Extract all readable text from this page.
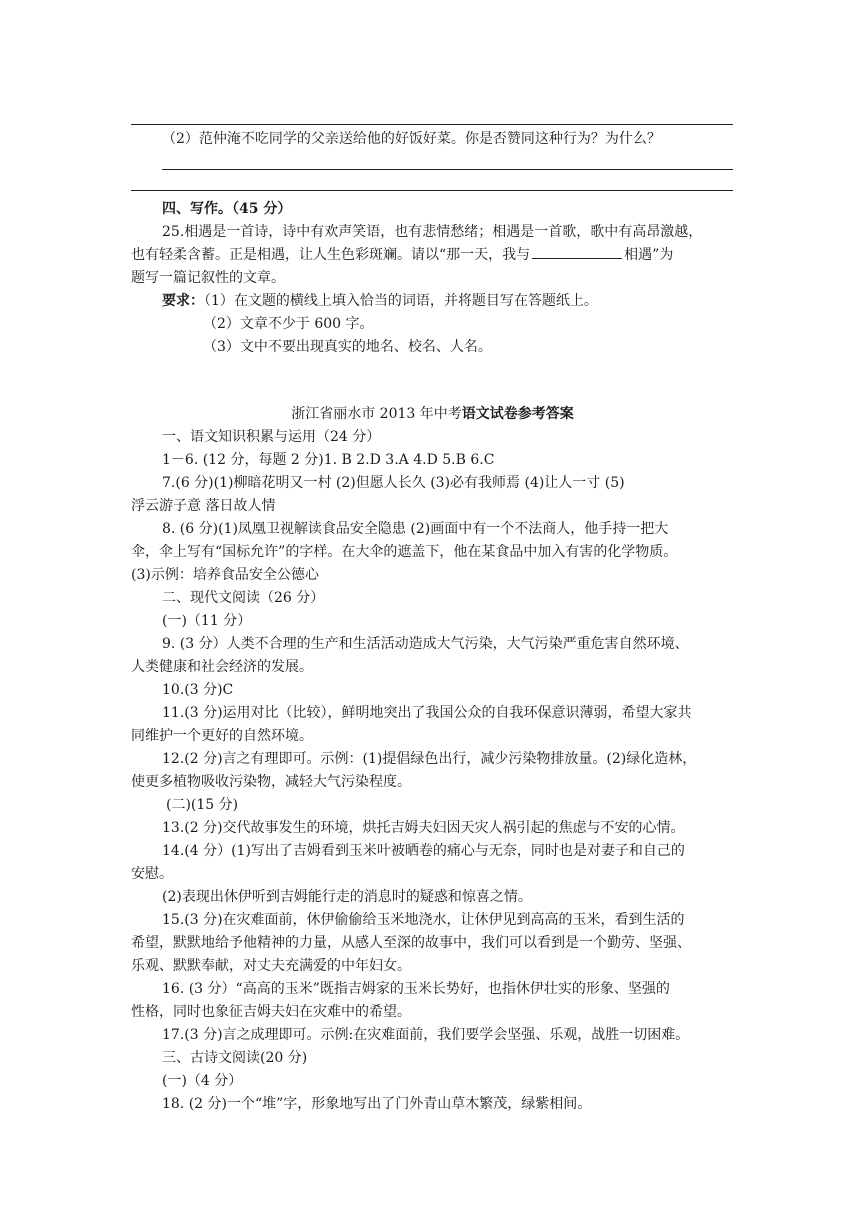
（2）范仲淹不吃同学的父亲送给他的好饭好菜。你是否赞同这种行为？为什么？
四、写作。（45 分）
25.相遇是一首诗，诗中有欢声笑语，也有悲情愁绪；相遇是一首歌，歌中有高昂激越，
也有轻柔含蓄。正是相遇，让人生色彩斑斓。请以“那一天，我与	相遇”为
题写一篇记叙性的文章。
要求：（1）在文题的横线上填入恰当的词语，并将题目写在答题纸上。
（2）文章不少于 600 字。
（3）文中不要出现真实的地名、校名、人名。
浙江省丽水市 2013 年中考语文试卷参考答案
一、语文知识积累与运用（24 分）
1－6. (12 分，每题 2 分)1. B 2.D 3.A 4.D 5.B 6.C
7.(6 分)(1)柳暗花明又一村 (2)但愿人长久 (3)必有我师焉 (4)让人一寸 (5)
浮云游子意 落日故人情
8. (6 分)(1)凤凰卫视解读食品安全隐患 (2)画面中有一个不法商人，他手持一把大
伞，伞上写有“国标允许”的字样。在大伞的遮盖下，他在某食品中加入有害的化学物质。
(3)示例：培养食品安全公德心
二、现代文阅读（26 分）
(一)（11 分）
9. (3 分）人类不合理的生产和生活活动造成大气污染，大气污染严重危害自然环境、
人类健康和社会经济的发展。
10.(3 分)C
11.(3 分)运用对比（比较），鲜明地突出了我国公众的自我环保意识薄弱，希望大家共
同维护一个更好的自然环境。
12.(2 分)言之有理即可。示例：(1)提倡绿色出行，减少污染物排放量。(2)绿化造林，
使更多植物吸收污染物，减轻大气污染程度。
(二)(15 分)
13.(2 分)交代故事发生的环境，烘托吉姆夫妇因天灾人祸引起的焦虑与不安的心情。
14.(4 分）(1)写出了吉姆看到玉米叶被晒卷的痛心与无奈，同时也是对妻子和自己的
安慰。
(2)表现出休伊听到吉姆能行走的消息时的疑惑和惊喜之情。
15.(3 分)在灾难面前，休伊偷偷给玉米地浇水，让休伊见到高高的玉米，看到生活的
希望，默默地给予他精神的力量，从感人至深的故事中，我们可以看到是一个勤劳、坚强、
乐观、默默奉献，对丈夫充满爱的中年妇女。
16. (3 分）“高高的玉米”既指吉姆家的玉米长势好，也指休伊壮实的形象、坚强的
性格，同时也象征吉姆夫妇在灾难中的希望。
17.(3 分)言之成理即可。示例:在灾难面前，我们要学会坚强、乐观，战胜一切困难。
三、古诗文阅读(20 分)
(一)（4 分）
18. (2 分)一个“堆”字，形象地写出了门外青山草木繁茂，绿紫相间。
